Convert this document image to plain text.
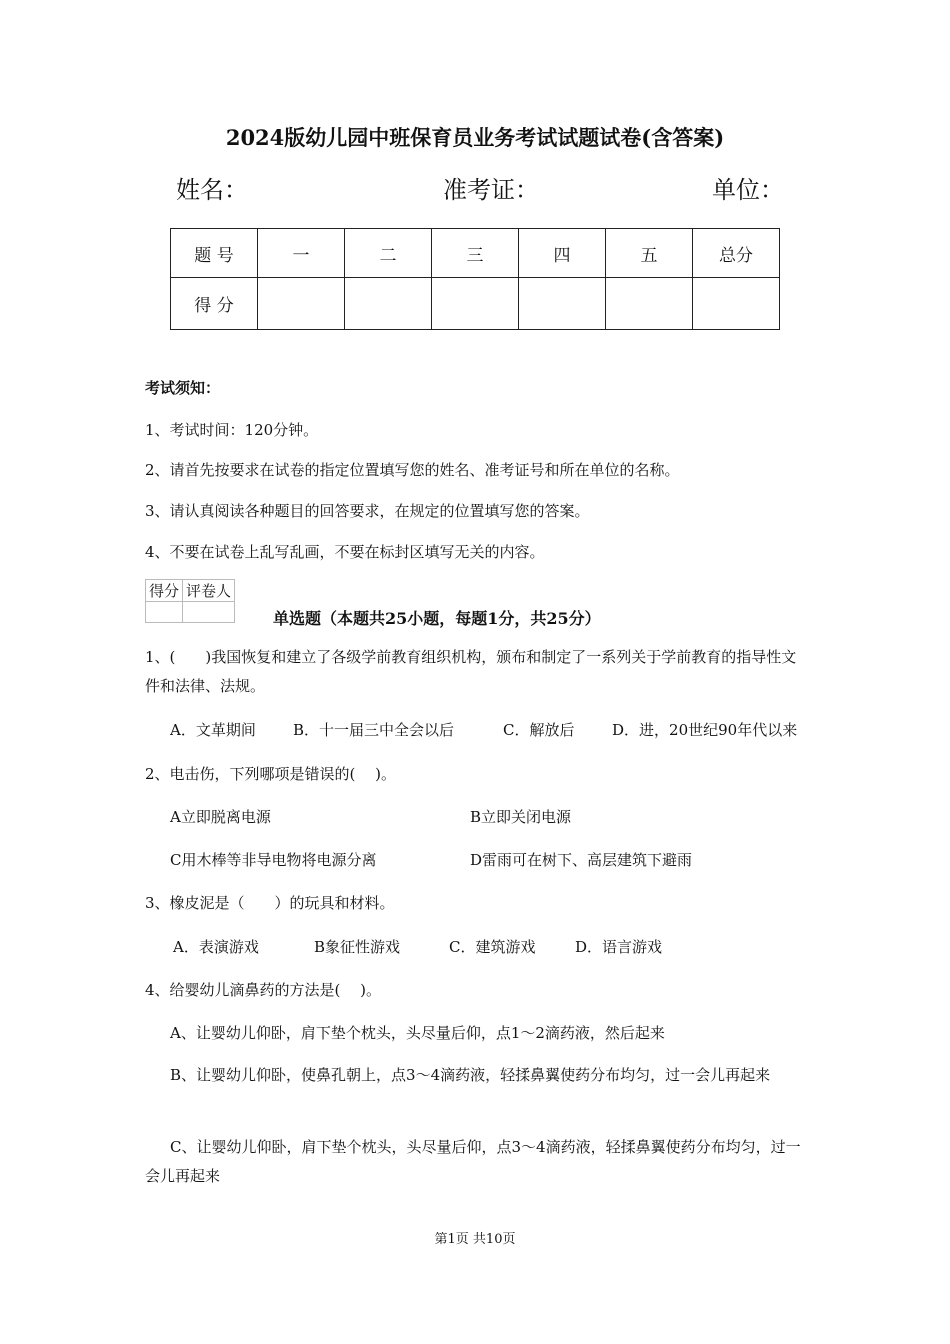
2024版幼儿园中班保育员业务考试试题试卷(含答案)
姓名：	准考证：	单位：
题 号	一	二	三	四	五	总分
得 分						
考试须知：
1、考试时间：120分钟。
2、请首先按要求在试卷的指定位置填写您的姓名、准考证号和所在单位的名称。
3、请认真阅读各种题目的回答要求，在规定的位置填写您的答案。
4、不要在试卷上乱写乱画，不要在标封区填写无关的内容。
得分	评卷人

单选题（本题共25小题，每题1分，共25分）
1、(　　)我国恢复和建立了各级学前教育组织机构，颁布和制定了一系列关于学前教育的指导性文件和法律、法规。
A．文革期间 B．十一届三中全会以后	C．解放后	D．进，20世纪90年代以来
2、电击伤，下列哪项是错误的(　 )。
A立即脱离电源	B立即关闭电源
C用木棒等非导电物将电源分离	D雷雨可在树下、高层建筑下避雨
3、橡皮泥是（　　）的玩具和材料。
A．表演游戏	B象征性游戏	C．建筑游戏	D．语言游戏
4、给婴幼儿滴鼻药的方法是(　 )。
A、让婴幼儿仰卧，肩下垫个枕头，头尽量后仰，点1～2滴药液，然后起来
B、让婴幼儿仰卧，使鼻孔朝上，点3～4滴药液，轻揉鼻翼使药分布均匀，过一会儿再起来
C、让婴幼儿仰卧，肩下垫个枕头，头尽量后仰，点3～4滴药液，轻揉鼻翼使药分布均匀，过一会儿再起来
第1页 共10页
